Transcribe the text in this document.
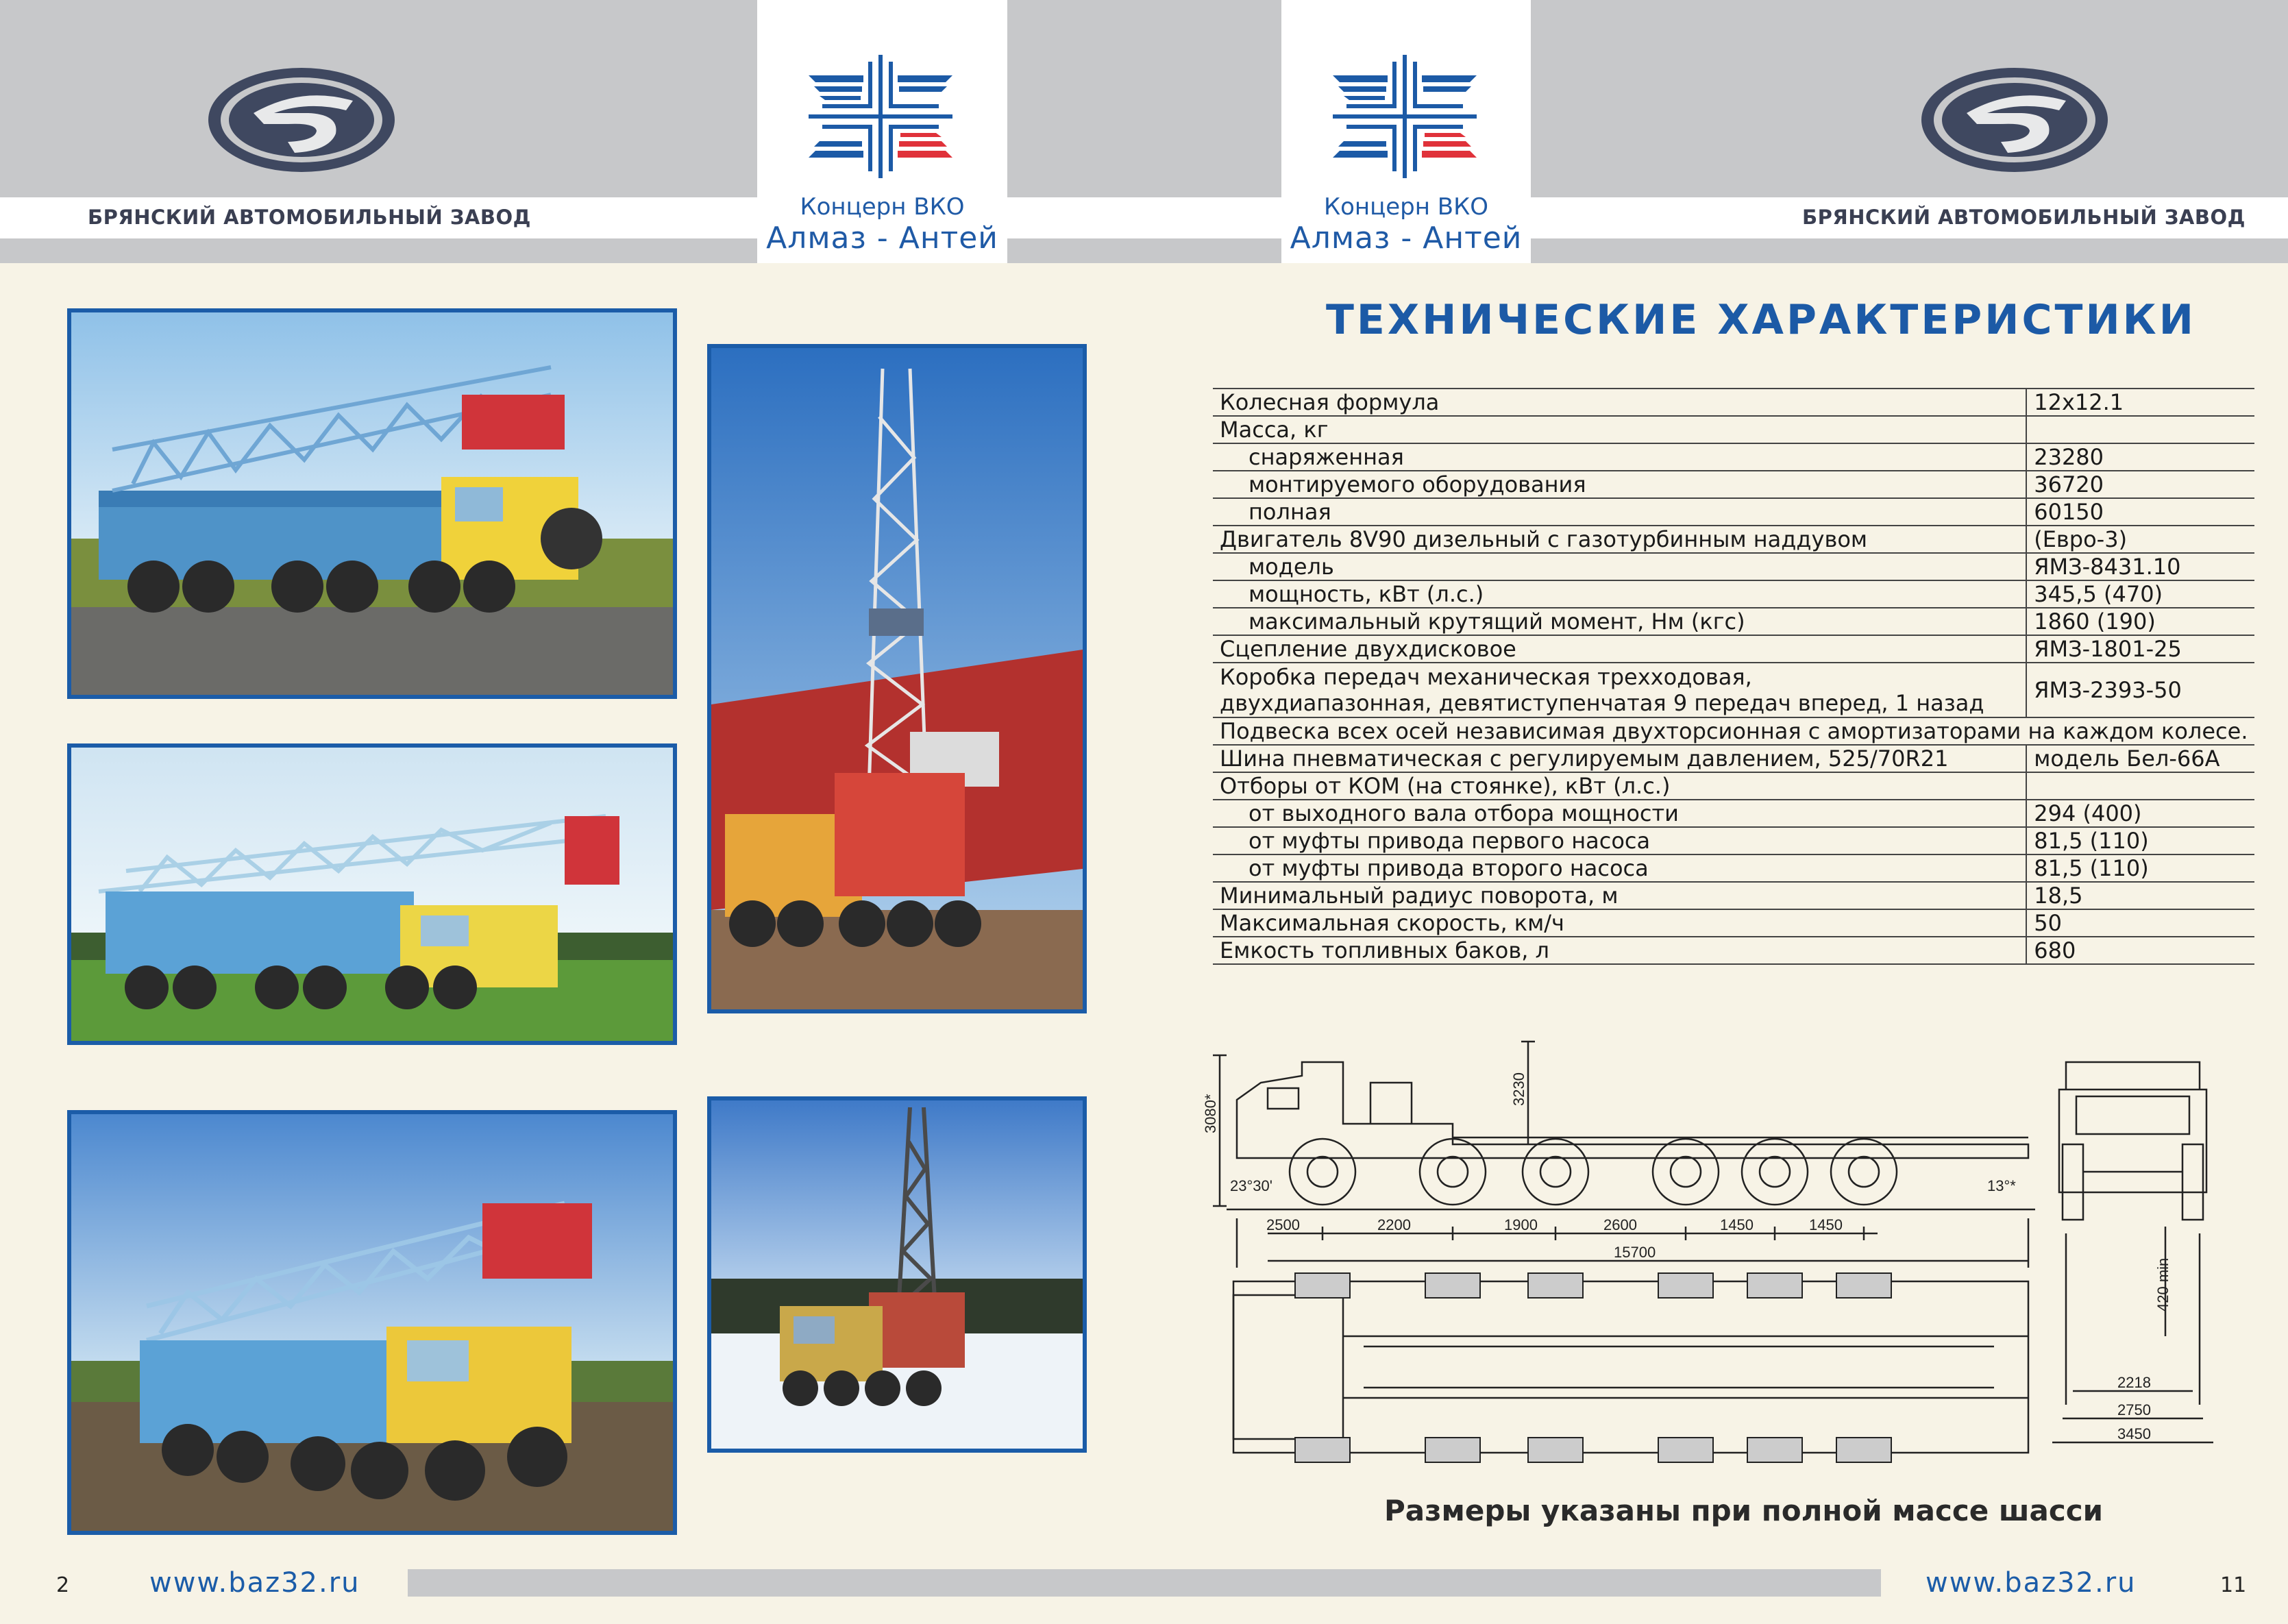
БРЯНСКИЙ АВТОМОБИЛЬНЫЙ ЗАВОД	БРЯНСКИЙ АВТОМОБИЛЬНЫЙ ЗАВОД
Концерн ВКО
Алмаз - Антей
Концерн ВКО
Алмаз - Антей
ТЕХНИЧЕСКИЕ ХАРАКТЕРИСТИКИ
Колесная формула	12x12.1
Масса, кг	
снаряженная	23280
монтируемого оборудования	36720
полная	60150
Двигатель 8V90 дизельный с газотурбинным наддувом	(Евро-3)
модель	ЯМЗ-8431.10
мощность, кВт (л.с.)	345,5 (470)
максимальный крутящий момент, Нм (кгс)	1860 (190)
Сцепление двухдисковое	ЯМЗ-1801-25

Коробка передач механическая трехходовая,
двухдиапазонная, девятиступенчатая 9 передач вперед, 1 назад	ЯМЗ-2393-50
Подвеска всех осей независимая двухторсионная с амортизаторами на каждом колесе.	
Шина пневматическая с регулируемым давлением, 525/70R21	модель Бел-66А
Отборы от КОМ (на стоянке), кВт (л.с.)	
от выходного вала отбора мощности	294 (400)
от муфты привода первого насоса	81,5 (110)
от муфты привода второго насоса	81,5 (110)
Минимальный радиус поворота, м	18,5
Максимальная скорость, км/ч	50
Емкость топливных баков, л	680
3080*
3230
23°30'	13°*
2500	2200	1900	2600	1450	1450
15700
420 min
2218
2750
3450
Размеры указаны при полной массе шасси
2	www.baz32.ru	www.baz32.ru	11
